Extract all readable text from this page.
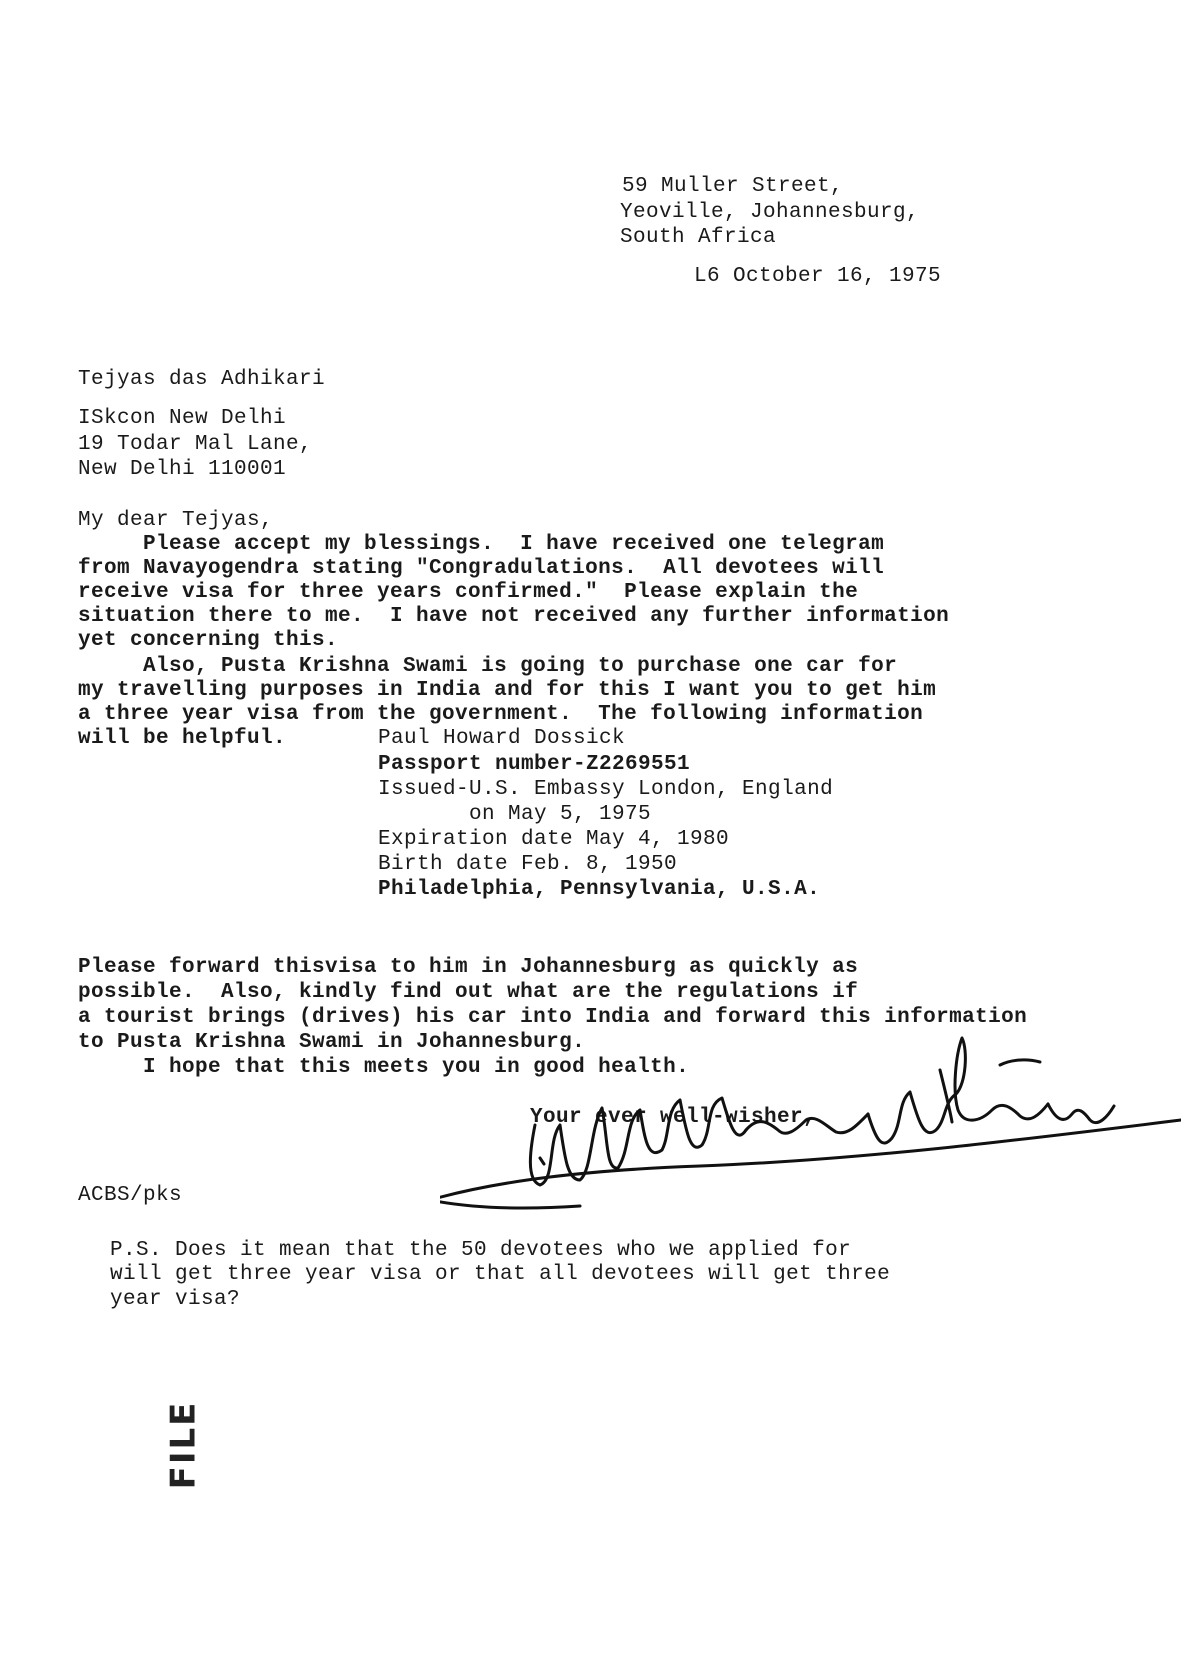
59 Muller Street,
Yeoville, Johannesburg,
South Africa
L6 October 16, 1975
Tejyas das Adhikari
ISkcon New Delhi
19 Todar Mal Lane,
New Delhi 110001
My dear Tejyas,
Please accept my blessings.  I have received one telegram
from Navayogendra stating "Congradulations.  All devotees will
receive visa for three years confirmed."  Please explain the
situation there to me.  I have not received any further information
yet concerning this.
Also, Pusta Krishna Swami is going to purchase one car for
my travelling purposes in India and for this I want you to get him
a three year visa from the government.  The following information
will be helpful.	Paul Howard Dossick
Passport number-Z2269551
Issued-U.S. Embassy London, England
on May 5, 1975
Expiration date May 4, 1980
Birth date Feb. 8, 1950
Philadelphia, Pennsylvania, U.S.A.
Please forward thisvisa to him in Johannesburg as quickly as
possible.  Also, kindly find out what are the regulations if
a tourist brings (drives) his car into India and forward this information
to Pusta Krishna Swami in Johannesburg.
I hope that this meets you in good health.
Your ever well-wisher,
ACBS/pks
P.S. Does it mean that the 50 devotees who we applied for
will get three year visa or that all devotees will get three
year visa?
FILE
